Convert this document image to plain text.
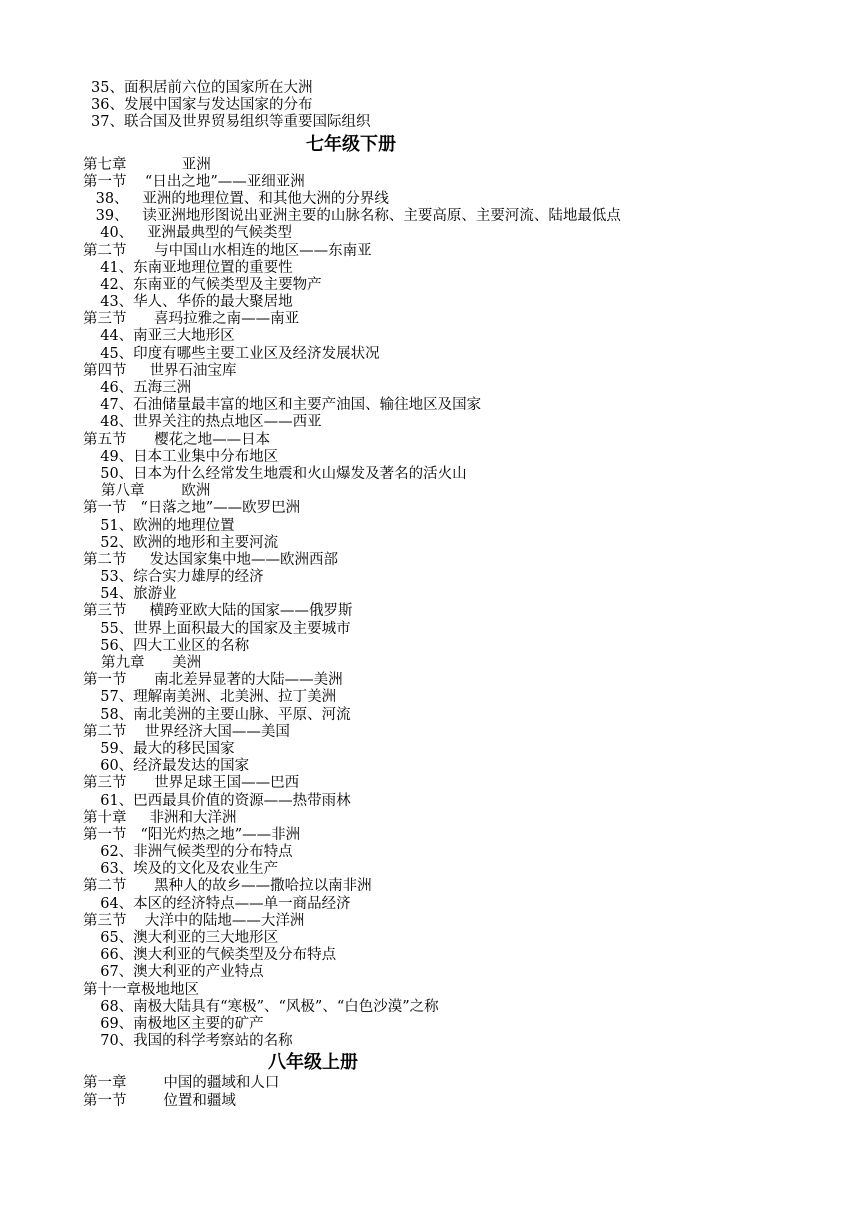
35、面积居前六位的国家所在大洲
36、发展中国家与发达国家的分布
37、联合国及世界贸易组织等重要国际组织
七年级下册
第七章            亚洲
第一节    “日出之地”——亚细亚洲
38、   亚洲的地理位置、和其他大洲的分界线
39、   读亚洲地形图说出亚洲主要的山脉名称、主要高原、主要河流、陆地最低点
40、   亚洲最典型的气候类型
第二节      与中国山水相连的地区——东南亚
41、东南亚地理位置的重要性
42、东南亚的气候类型及主要物产
43、华人、华侨的最大聚居地
第三节      喜玛拉雅之南——南亚
44、南亚三大地形区
45、印度有哪些主要工业区及经济发展状况
第四节     世界石油宝库
46、五海三洲
47、石油储量最丰富的地区和主要产油国、输往地区及国家
48、世界关注的热点地区——西亚
第五节      樱花之地——日本
49、日本工业集中分布地区
50、日本为什么经常发生地震和火山爆发及著名的活火山
第八章        欧洲
第一节   “日落之地”——欧罗巴洲
51、欧洲的地理位置
52、欧洲的地形和主要河流
第二节     发达国家集中地——欧洲西部
53、综合实力雄厚的经济
54、旅游业
第三节     横跨亚欧大陆的国家——俄罗斯
55、世界上面积最大的国家及主要城市
56、四大工业区的名称
第九章      美洲
第一节      南北差异显著的大陆——美洲
57、理解南美洲、北美洲、拉丁美洲
58、南北美洲的主要山脉、平原、河流
第二节    世界经济大国——美国
59、最大的移民国家
60、经济最发达的国家
第三节      世界足球王国——巴西
61、巴西最具价值的资源——热带雨林
第十章     非洲和大洋洲
第一节   “阳光灼热之地”——非洲
62、非洲气候类型的分布特点
63、埃及的文化及农业生产
第二节      黑种人的故乡——撒哈拉以南非洲
64、本区的经济特点——单一商品经济
第三节    大洋中的陆地——大洋洲
65、澳大利亚的三大地形区
66、澳大利亚的气候类型及分布特点
67、澳大利亚的产业特点
第十一章极地地区
68、南极大陆具有“寒极”、“风极”、“白色沙漠”之称
69、南极地区主要的矿产
70、我国的科学考察站的名称
八年级上册
第一章        中国的疆域和人口
第一节        位置和疆域
